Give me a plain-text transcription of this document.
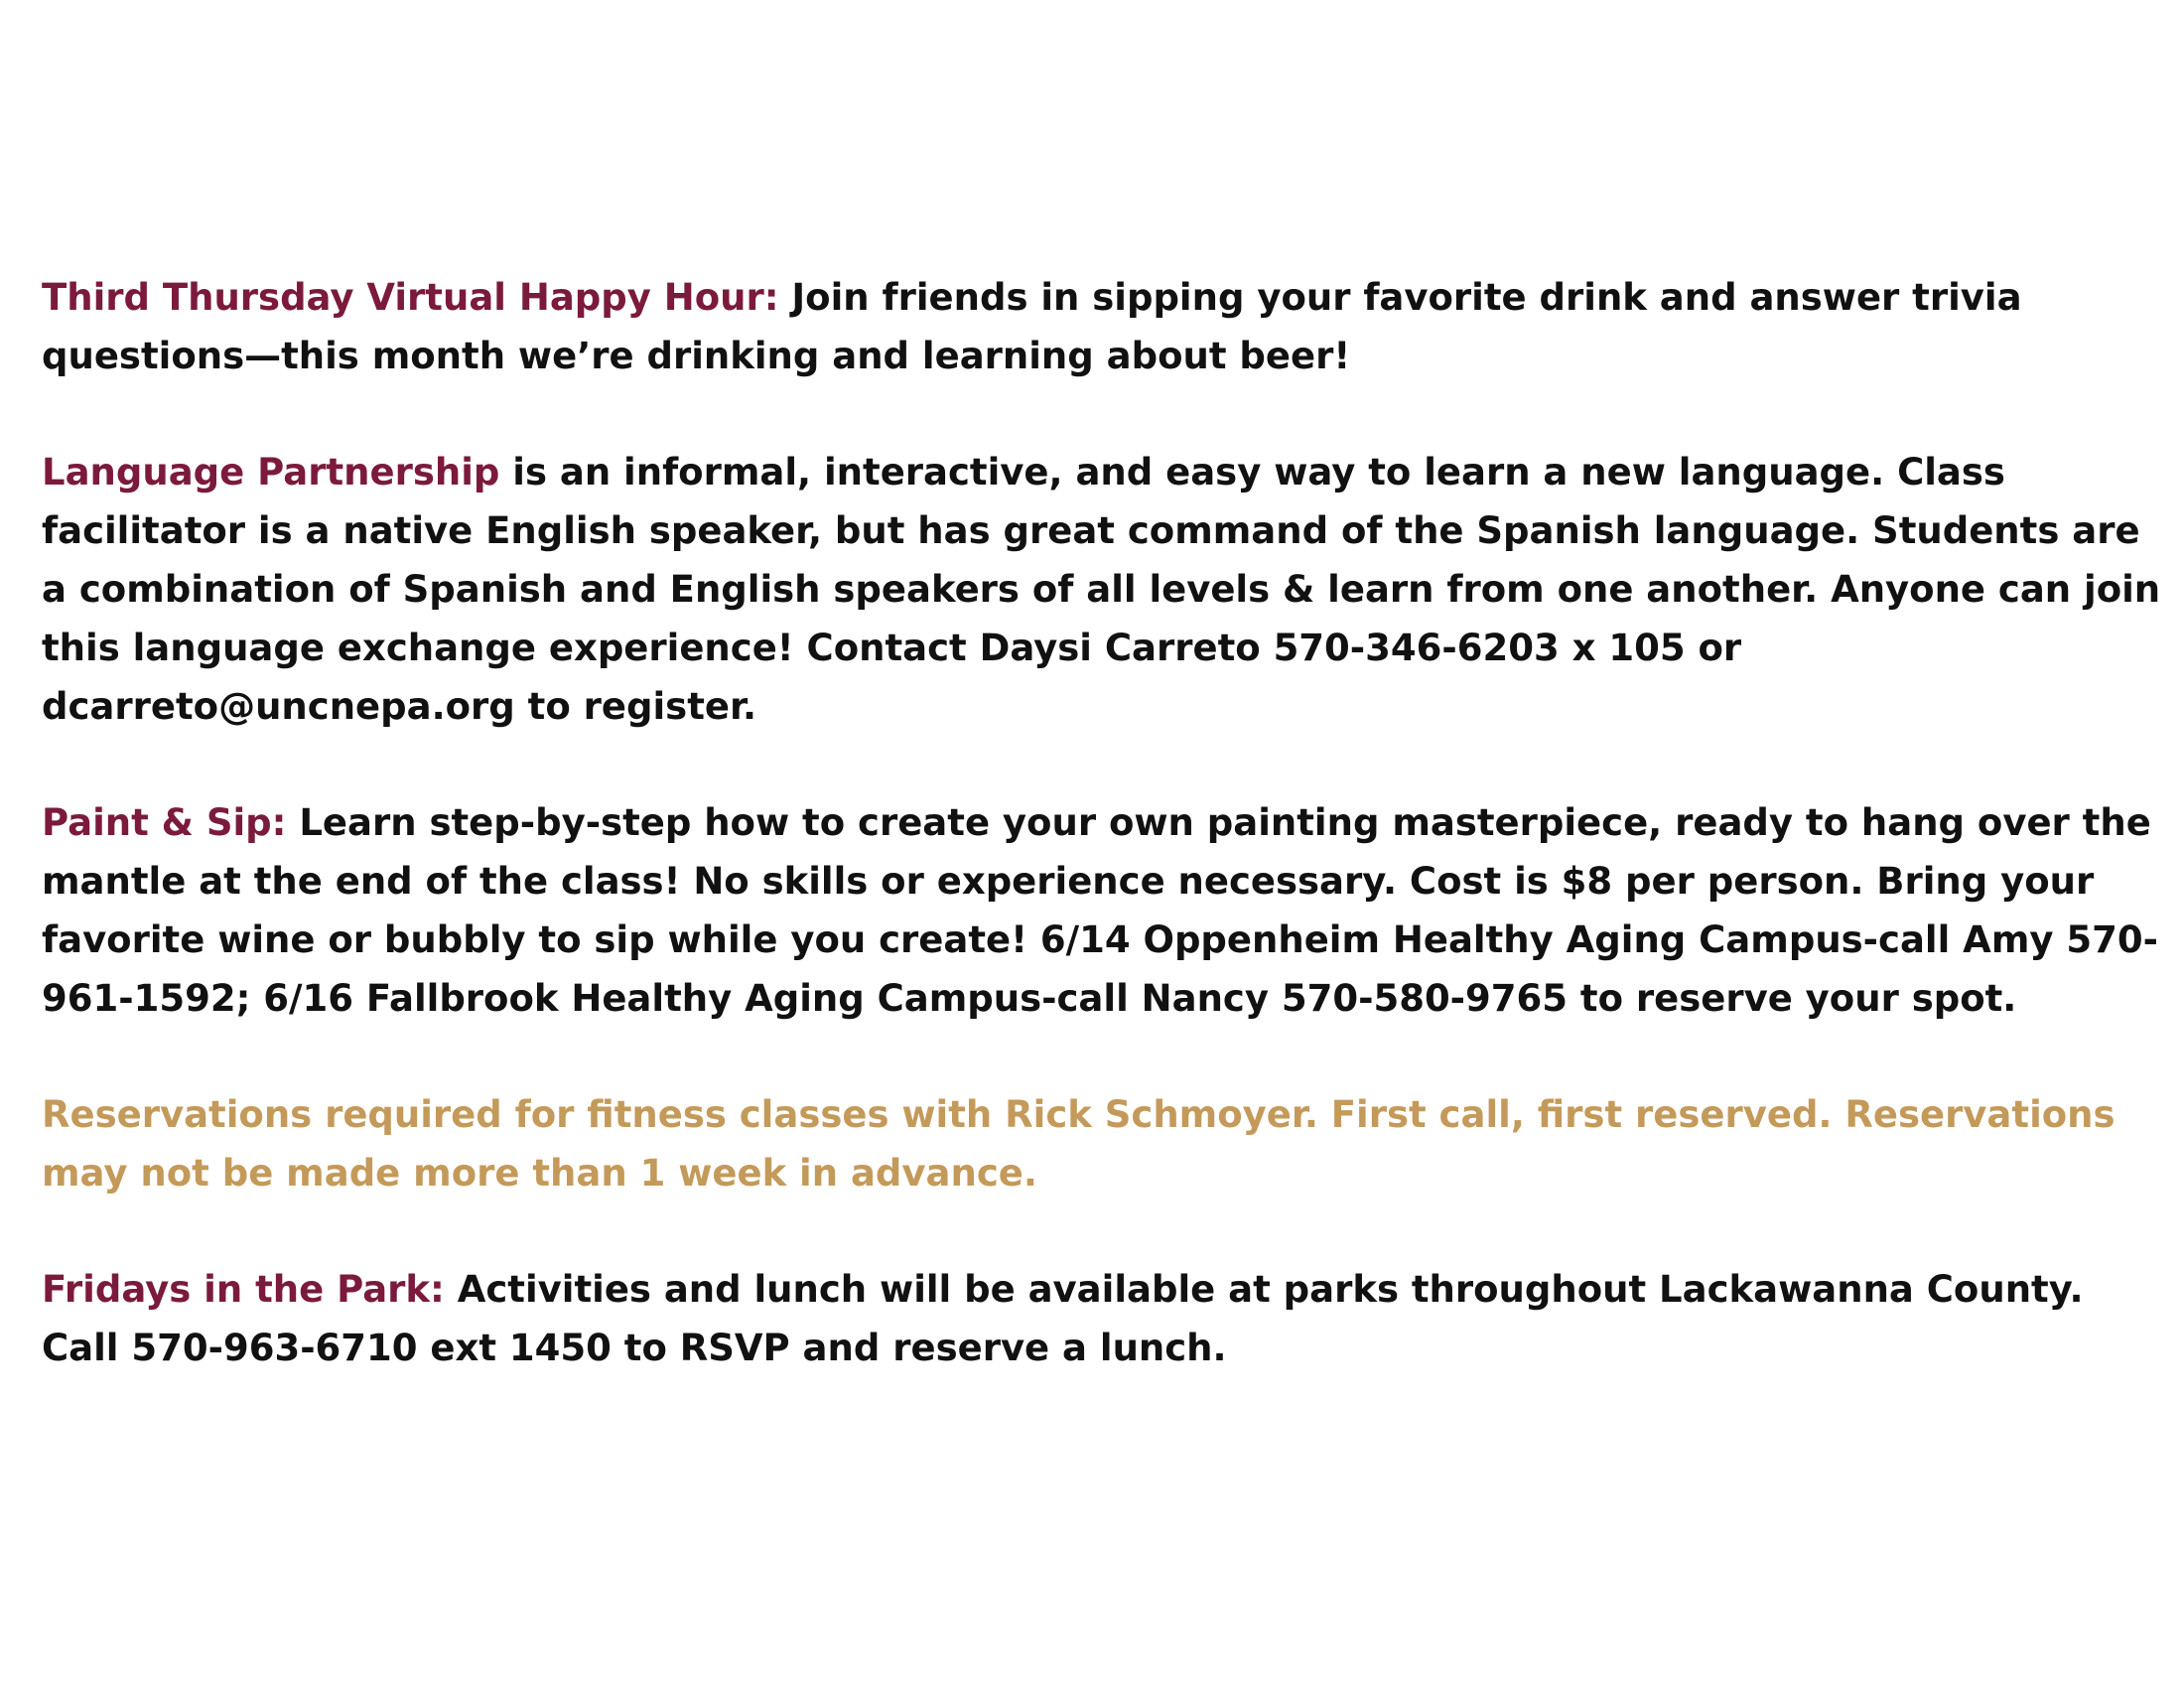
Third Thursday Virtual Happy Hour: Join friends in sipping your favorite drink and answer trivia questions—this month we’re drinking and learning about beer!

Language Partnership is an informal, interactive, and easy way to learn a new language. Class facilitator is a native English speaker, but has great command of the Spanish language. Students are a combination of Spanish and English speakers of all levels & learn from one another. Anyone can join this language exchange experience! Contact Daysi Carreto 570-346-6203 x 105 or dcarreto@uncnepa.org to register.

Paint & Sip: Learn step-by-step how to create your own painting masterpiece, ready to hang over the mantle at the end of the class! No skills or experience necessary. Cost is $8 per person. Bring your favorite wine or bubbly to sip while you create! 6/14 Oppenheim Healthy Aging Campus-call Amy 570-961-1592; 6/16 Fallbrook Healthy Aging Campus-call Nancy 570-580-9765 to reserve your spot.

Reservations required for fitness classes with Rick Schmoyer. First call, first reserved. Reservations may not be made more than 1 week in advance.

Fridays in the Park: Activities and lunch will be available at parks throughout Lackawanna County. Call 570-963-6710 ext 1450 to RSVP and reserve a lunch.
